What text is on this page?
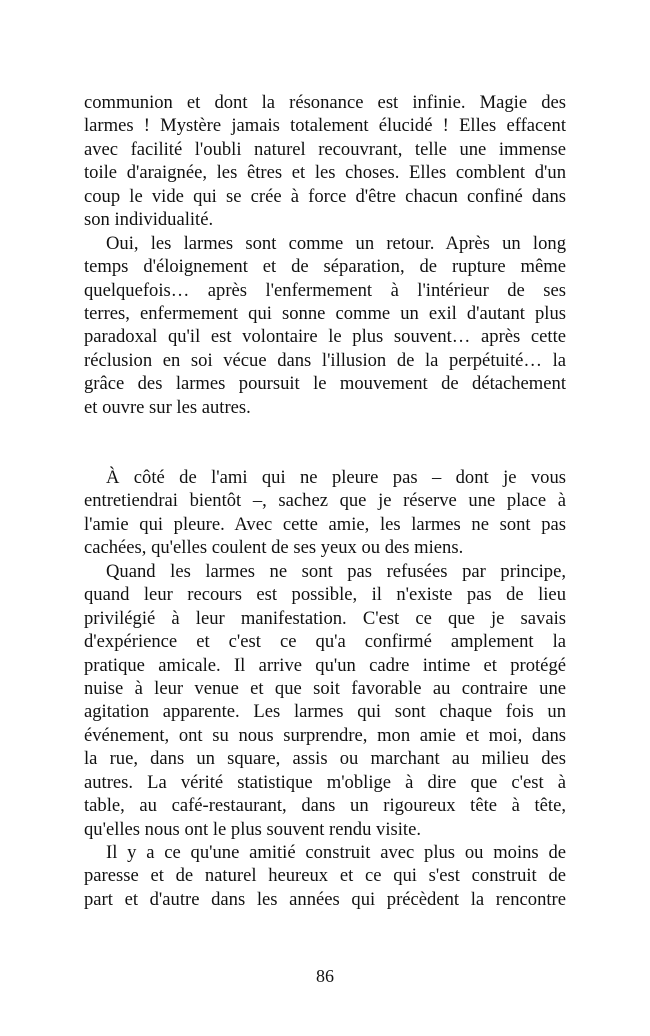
communion et dont la résonance est infinie. Magie des
larmes ! Mystère jamais totalement élucidé ! Elles effacent
avec facilité l'oubli naturel recouvrant, telle une immense
toile d'araignée, les êtres et les choses. Elles comblent d'un
coup le vide qui se crée à force d'être chacun confiné dans
son individualité.
Oui, les larmes sont comme un retour. Après un long
temps d'éloignement et de séparation, de rupture même
quelquefois… après l'enfermement à l'intérieur de ses
terres, enfermement qui sonne comme un exil d'autant plus
paradoxal qu'il est volontaire le plus souvent… après cette
réclusion en soi vécue dans l'illusion de la perpétuité… la
grâce des larmes poursuit le mouvement de détachement
et ouvre sur les autres.
À côté de l'ami qui ne pleure pas – dont je vous
entretiendrai bientôt –, sachez que je réserve une place à
l'amie qui pleure. Avec cette amie, les larmes ne sont pas
cachées, qu'elles coulent de ses yeux ou des miens.
Quand les larmes ne sont pas refusées par principe,
quand leur recours est possible, il n'existe pas de lieu
privilégié à leur manifestation. C'est ce que je savais
d'expérience et c'est ce qu'a confirmé amplement la
pratique amicale. Il arrive qu'un cadre intime et protégé
nuise à leur venue et que soit favorable au contraire une
agitation apparente. Les larmes qui sont chaque fois un
événement, ont su nous surprendre, mon amie et moi, dans
la rue, dans un square, assis ou marchant au milieu des
autres. La vérité statistique m'oblige à dire que c'est à
table, au café-restaurant, dans un rigoureux tête à tête,
qu'elles nous ont le plus souvent rendu visite.
Il y a ce qu'une amitié construit avec plus ou moins de
paresse et de naturel heureux et ce qui s'est construit de
part et d'autre dans les années qui précèdent la rencontre
86
